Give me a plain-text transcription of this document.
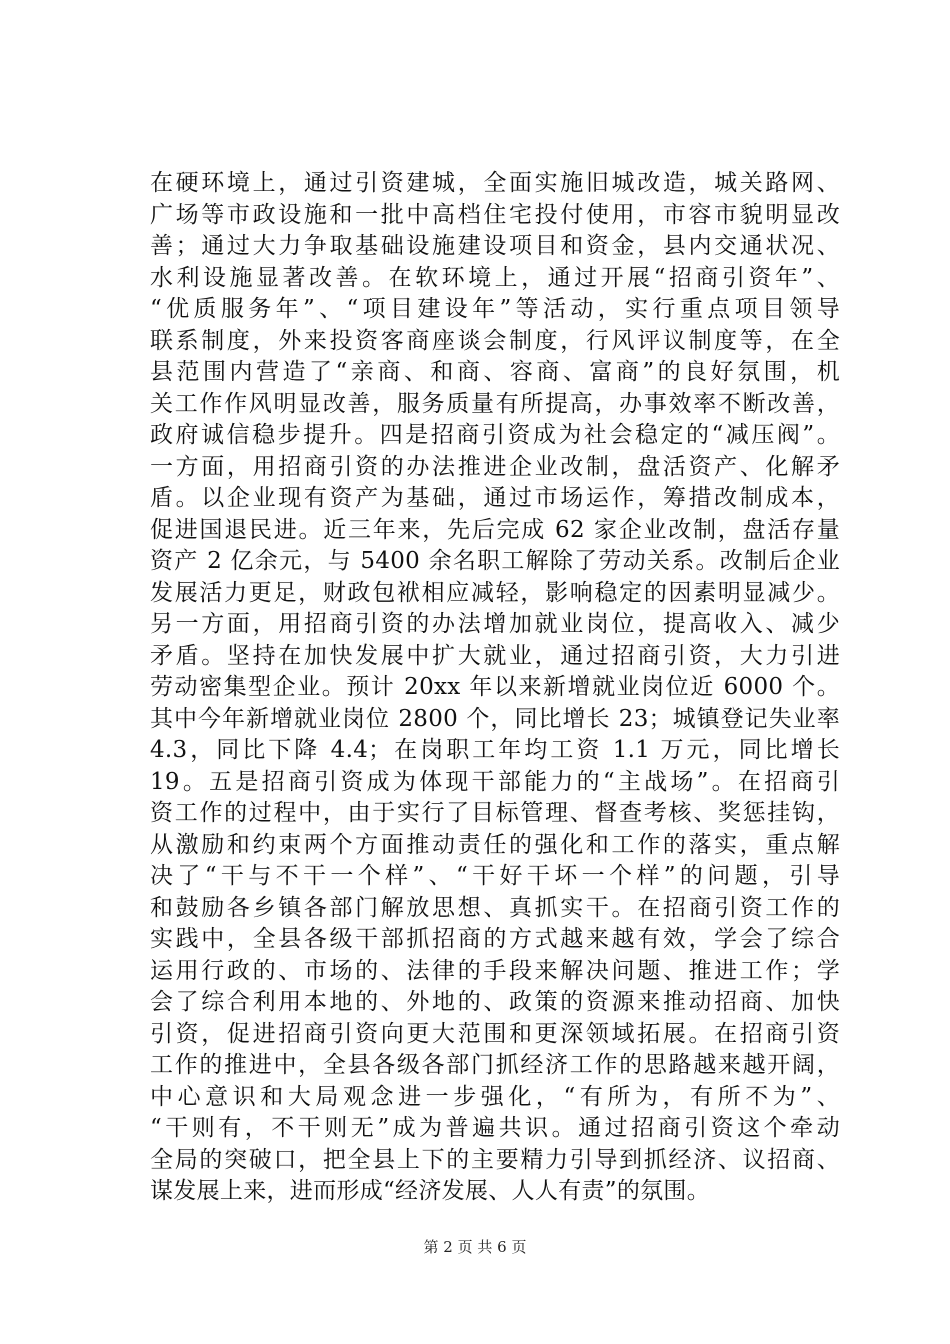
在硬环境上，通过引资建城，全面实施旧城改造，城关路网、
广场等市政设施和一批中高档住宅投付使用，市容市貌明显改
善；通过大力争取基础设施建设项目和资金，县内交通状况、
水利设施显著改善。在软环境上，通过开展“招商引资年”、
“优质服务年”、“项目建设年”等活动，实行重点项目领导
联系制度，外来投资客商座谈会制度，行风评议制度等，在全
县范围内营造了“亲商、和商、容商、富商”的良好氛围，机
关工作作风明显改善，服务质量有所提高，办事效率不断改善，
政府诚信稳步提升。四是招商引资成为社会稳定的“减压阀”。
一方面，用招商引资的办法推进企业改制，盘活资产、化解矛
盾。以企业现有资产为基础，通过市场运作，筹措改制成本，
促进国退民进。近三年来，先后完成 62 家企业改制，盘活存量
资产 2 亿余元，与 5400 余名职工解除了劳动关系。改制后企业
发展活力更足，财政包袱相应减轻，影响稳定的因素明显减少。
另一方面，用招商引资的办法增加就业岗位，提高收入、减少
矛盾。坚持在加快发展中扩大就业，通过招商引资，大力引进
劳动密集型企业。预计 20xx 年以来新增就业岗位近 6000 个。
其中今年新增就业岗位 2800 个，同比增长 23；城镇登记失业率
4.3，同比下降 4.4；在岗职工年均工资 1.1 万元，同比增长
19。五是招商引资成为体现干部能力的“主战场”。在招商引
资工作的过程中，由于实行了目标管理、督查考核、奖惩挂钩，
从激励和约束两个方面推动责任的强化和工作的落实，重点解
决了“干与不干一个样”、“干好干坏一个样”的问题，引导
和鼓励各乡镇各部门解放思想、真抓实干。在招商引资工作的
实践中，全县各级干部抓招商的方式越来越有效，学会了综合
运用行政的、市场的、法律的手段来解决问题、推进工作；学
会了综合利用本地的、外地的、政策的资源来推动招商、加快
引资，促进招商引资向更大范围和更深领域拓展。在招商引资
工作的推进中，全县各级各部门抓经济工作的思路越来越开阔，
中心意识和大局观念进一步强化，“有所为，有所不为”、
“干则有，不干则无”成为普遍共识。通过招商引资这个牵动
全局的突破口，把全县上下的主要精力引导到抓经济、议招商、
谋发展上来，进而形成“经济发展、人人有责”的氛围。
第 2 页 共 6 页
